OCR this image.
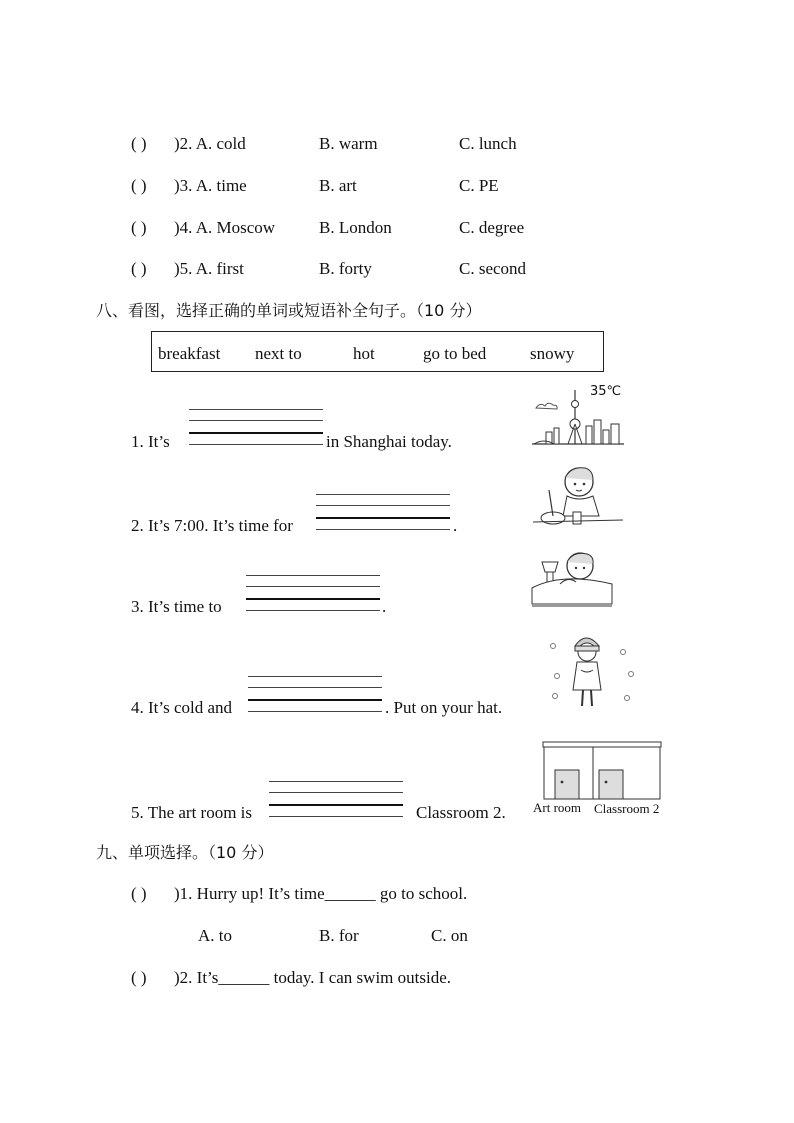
( ) )2. A. cold	B. warm	C. lunch
( ) )3. A. time	B. art	C. PE
( ) )4. A. Moscow	B. London	C. degree
( ) )5. A. first	B. forty	C. second
八、看图，选择正确的单词或短语补全句子。（10 分）
breakfast next to	hot	go to bed	snowy
1. It’s	in Shanghai today.
2. It’s 7:00. It’s time for	.
3. It’s time to	.
4. It’s cold and	. Put on your hat.
5. The art room is	Classroom 2.
35℃
Art room Classroom 2
九、单项选择。（10 分）
( ) )1. Hurry up! It’s time______ go to school.
A. to	B. for	C. on
( ) )2. It’s______ today. I can swim outside.
